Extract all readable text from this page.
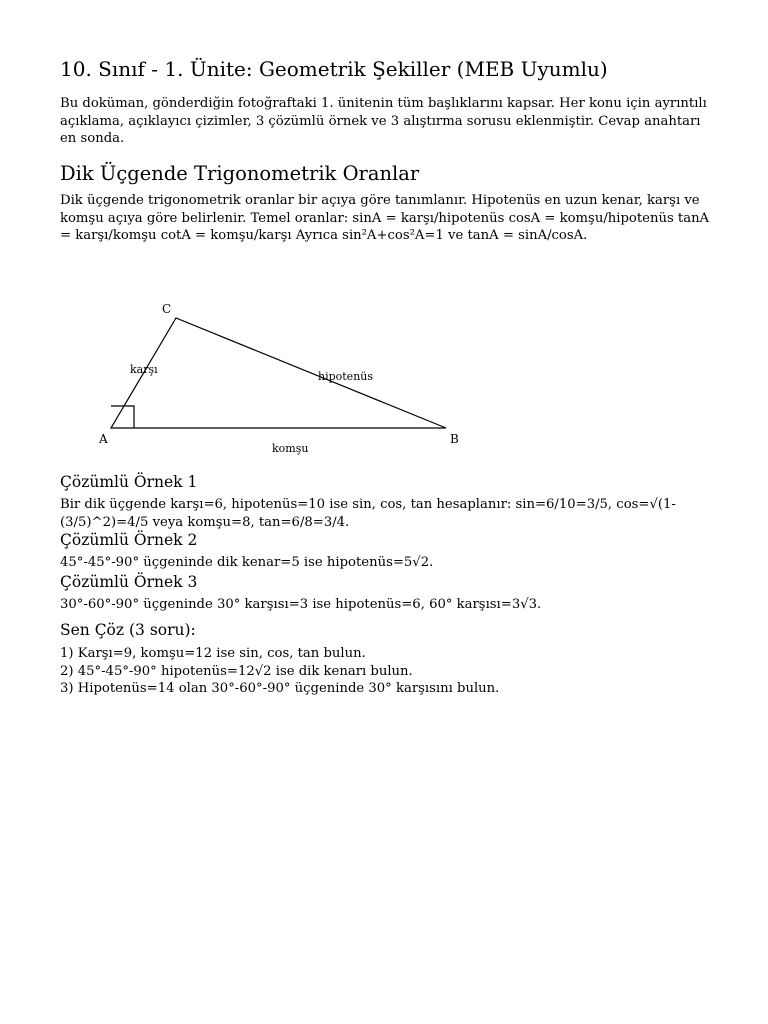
10. Sınıf - 1. Ünite: Geometrik Şekiller (MEB Uyumlu)

Bu doküman, gönderdiğin fotoğraftaki 1. ünitenin tüm başlıklarını kapsar. Her konu için ayrıntılı açıklama, açıklayıcı çizimler, 3 çözümlü örnek ve 3 alıştırma sorusu eklenmiştir. Cevap anahtarı en sonda.

Dik Üçgende Trigonometrik Oranlar

Dik üçgende trigonometrik oranlar bir açıya göre tanımlanır. Hipotenüs en uzun kenar, karşı ve komşu açıya göre belirlenir. Temel oranlar: sinA = karşı/hipotenüs cosA = komşu/hipotenüs tanA = karşı/komşu cotA = komşu/karşı Ayrıca sin²A+cos²A=1 ve tanA = sinA/cosA.

C
A	B
karşı
hipotenüs
komşu
Çözümlü Örnek 1

Bir dik üçgende karşı=6, hipotenüs=10 ise sin, cos, tan hesaplanır: sin=6/10=3/5, cos=√(1-(3/5)^2)=4/5 veya komşu=8, tan=6/8=3/4.

Çözümlü Örnek 2

45°-45°-90° üçgeninde dik kenar=5 ise hipotenüs=5√2.

Çözümlü Örnek 3

30°-60°-90° üçgeninde 30° karşısı=3 ise hipotenüs=6, 60° karşısı=3√3.

Sen Çöz (3 soru):
1) Karşı=9, komşu=12 ise sin, cos, tan bulun.
2) 45°-45°-90° hipotenüs=12√2 ise dik kenarı bulun.
3) Hipotenüs=14 olan 30°-60°-90° üçgeninde 30° karşısını bulun.
